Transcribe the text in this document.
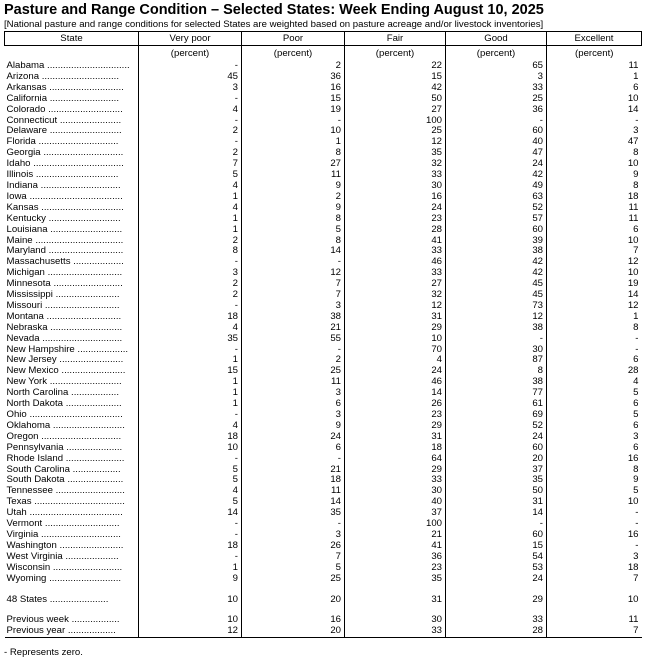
Pasture and Range Condition – Selected States: Week Ending August 10, 2025
[National pasture and range conditions for selected States are weighted based on pasture acreage and/or livestock inventories]
State	Very poor	Poor	Fair	Good	Excellent
	(percent)	(percent)	(percent)	(percent)	(percent)
Alabama ...............................	-	2	22	65	11
Arizona .............................	45	36	15	3	1
Arkansas ............................	3	16	42	33	6
California ..........................	-	15	50	25	10
Colorado ............................	4	19	27	36	14
Connecticut .......................	-	-	100	-	-
Delaware ...........................	2	10	25	60	3
Florida ..............................	-	1	12	40	47
Georgia ..............................	2	8	35	47	8
Idaho ..................................	7	27	32	24	10
Illinois ...............................	5	11	33	42	9
Indiana ..............................	4	9	30	49	8
Iowa ...................................	1	2	16	63	18
Kansas ...............................	4	9	24	52	11
Kentucky ...........................	1	8	23	57	11
Louisiana ...........................	1	5	28	60	6
Maine .................................	2	8	41	39	10
Maryland ............................	8	14	33	38	7
Massachusetts ...................	-	-	46	42	12
Michigan ............................	3	12	33	42	10
Minnesota ..........................	2	7	27	45	19
Mississippi ........................	2	7	32	45	14
Missouri ............................	-	3	12	73	12
Montana ............................	18	38	31	12	1
Nebraska ...........................	4	21	29	38	8
Nevada ..............................	35	55	10	-	-
New Hampshire ...................	-	-	70	30	-
New Jersey ........................	1	2	4	87	6
New Mexico ........................	15	25	24	8	28
New York ...........................	1	11	46	38	4
North Carolina ..................	1	3	14	77	5
North Dakota .....................	1	6	26	61	6
Ohio ...................................	-	3	23	69	5
Oklahoma ...........................	4	9	29	52	6
Oregon ..............................	18	24	31	24	3
Pennsylvania .....................	10	6	18	60	6
Rhode Island ......................	-	-	64	20	16
South Carolina ..................	5	21	29	37	8
South Dakota .....................	5	18	33	35	9
Tennessee ..........................	4	11	30	50	5
Texas ..................................	5	14	40	31	10
Utah ...................................	14	35	37	14	-
Vermont ............................	-	-	100	-	-
Virginia ..............................	-	3	21	60	16
Washington ........................	18	26	41	15	-
West Virginia ....................	-	7	36	54	3
Wisconsin ..........................	1	5	23	53	18
Wyoming ...........................	9	25	35	24	7

48 States ......................	10	20	31	29	10

Previous week ..................	10	16	30	33	11
Previous year ..................	12	20	33	28	7
- Represents zero.
